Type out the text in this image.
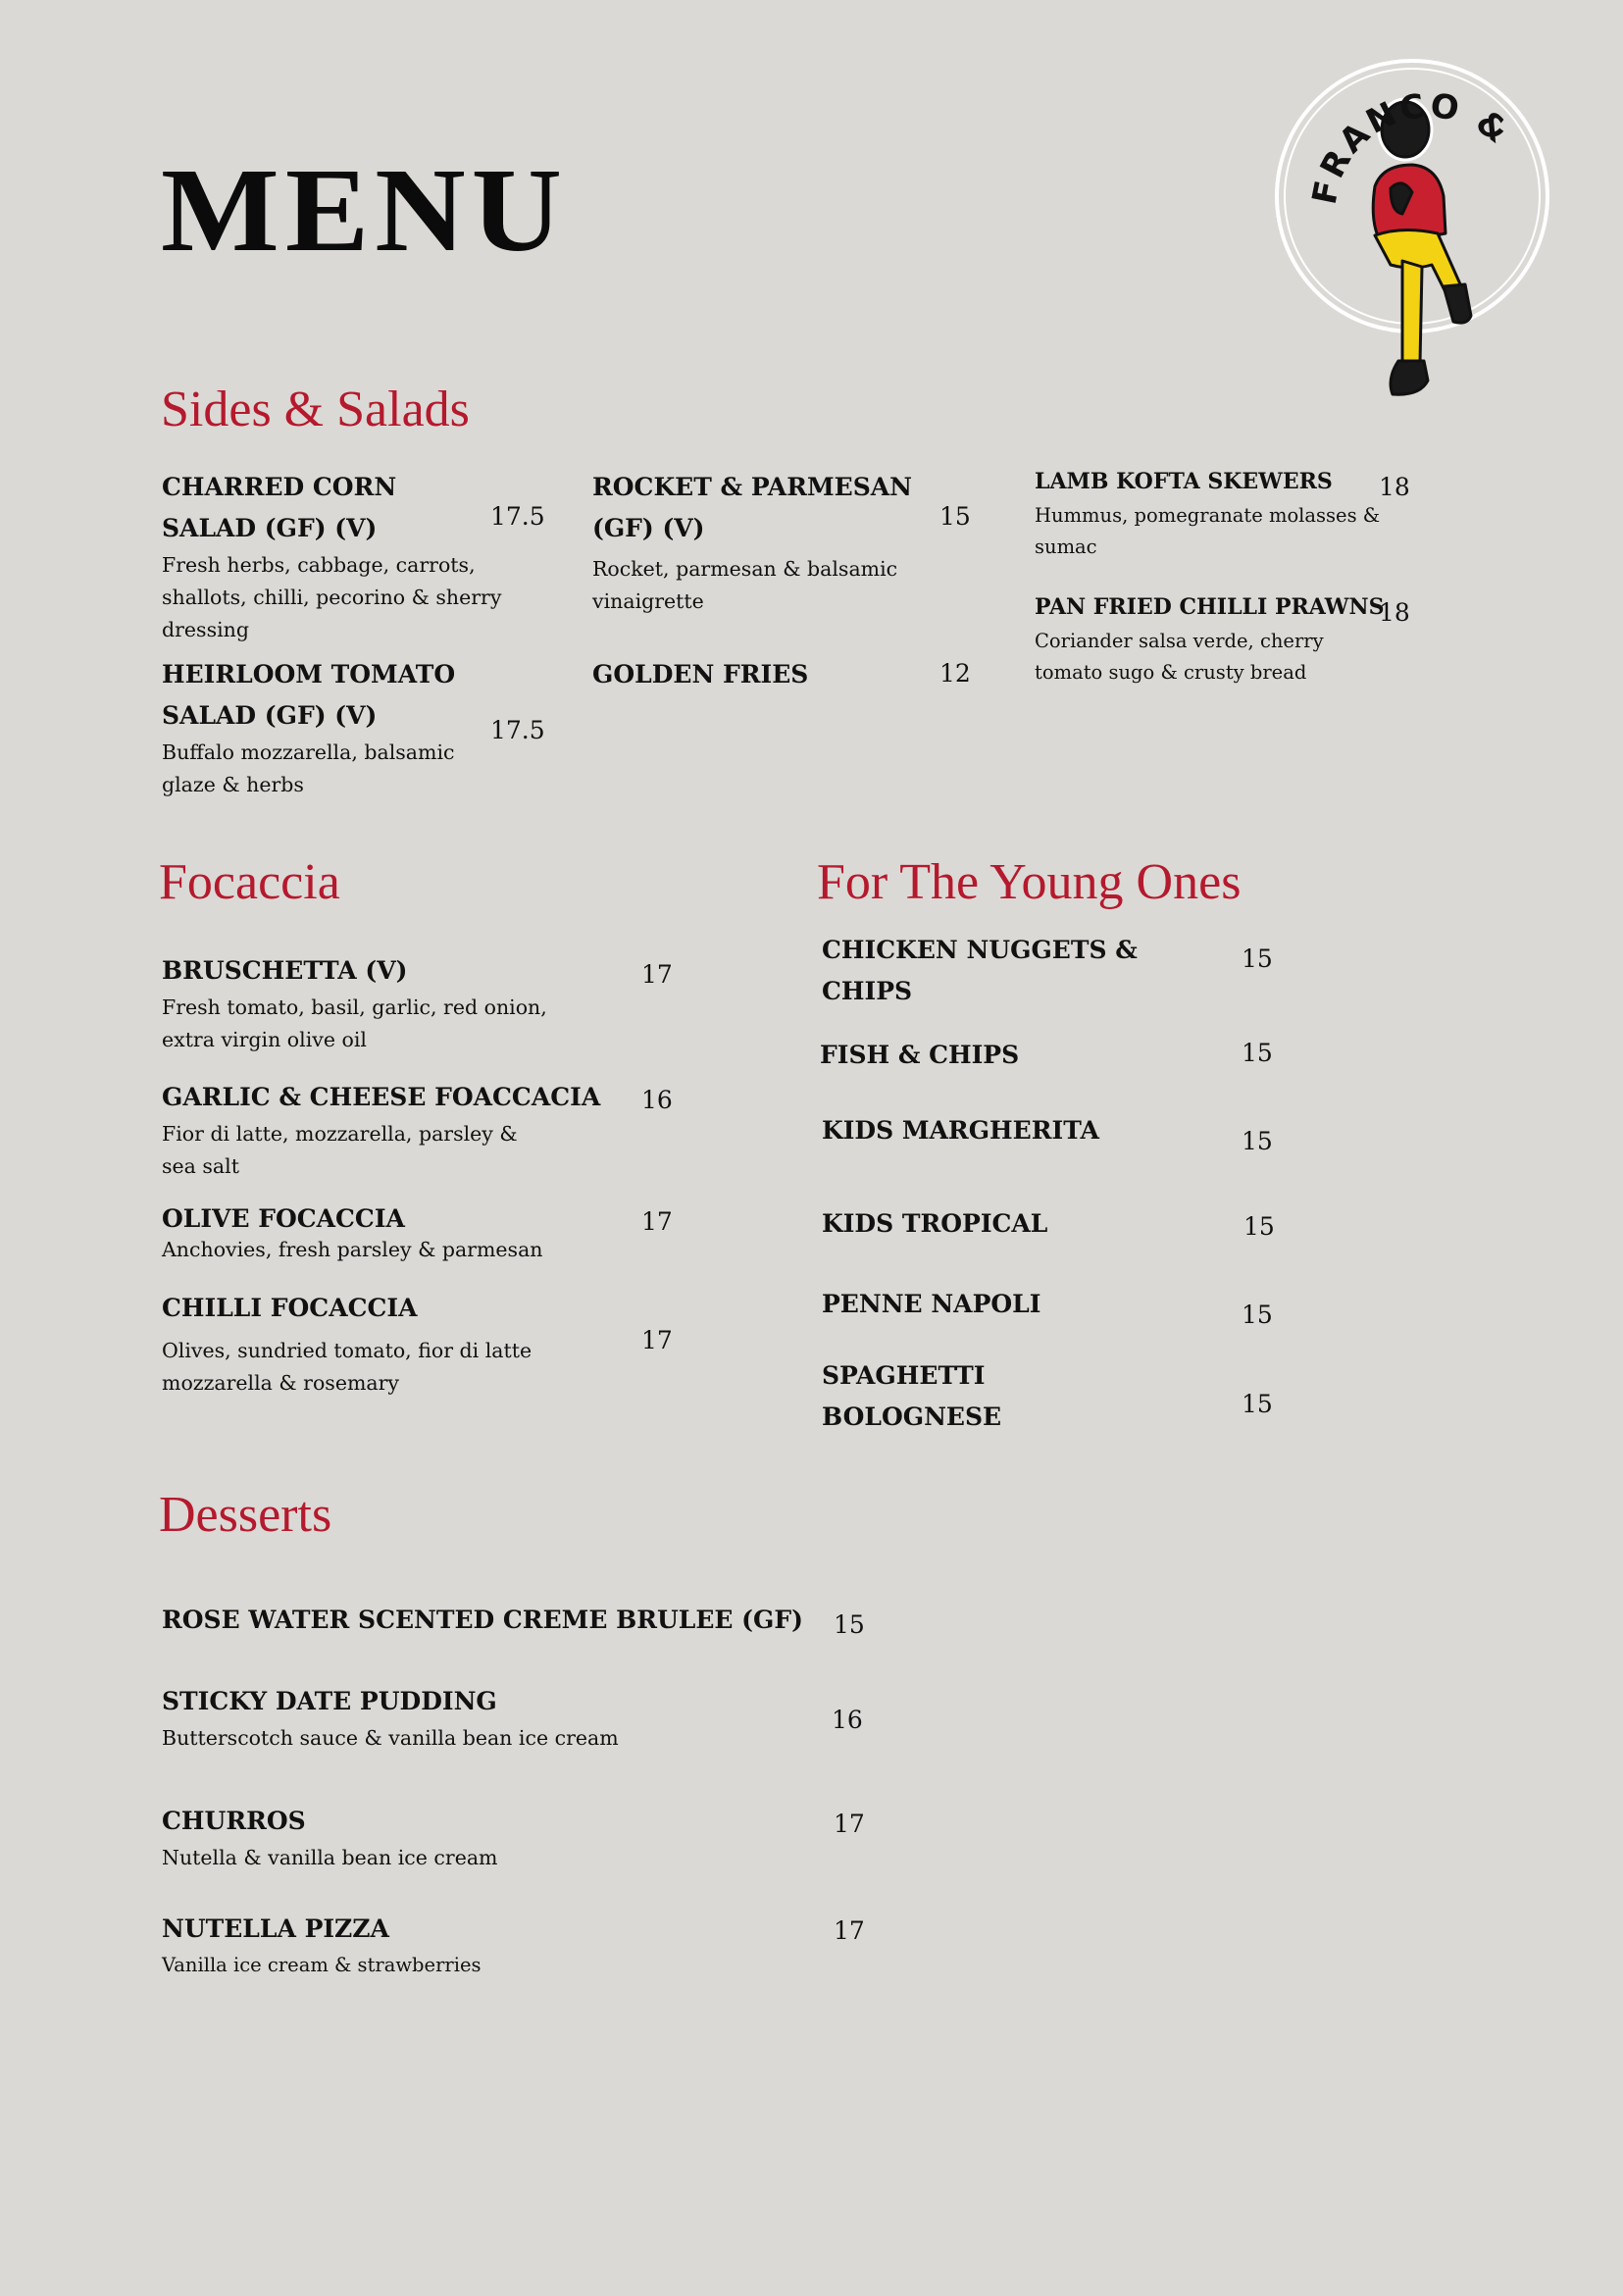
MENU	FRANCO &
Sides & Salads
CHARRED CORN SALAD (GF) (V)
Fresh herbs, cabbage, carrots, shallots, chilli, pecorino & sherry dressing
17.5
HEIRLOOM TOMATO SALAD (GF) (V)
Buffalo mozzarella, balsamic glaze & herbs
17.5
ROCKET & PARMESAN (GF) (V)
Rocket, parmesan & balsamic vinaigrette
15
GOLDEN FRIES	12
LAMB KOFTA SKEWERS
Hummus, pomegranate molasses & sumac
18
PAN FRIED CHILLI PRAWNS
Coriander salsa verde, cherry tomato sugo & crusty bread
18
Focaccia
BRUSCHETTA (V)
Fresh tomato, basil, garlic, red onion, extra virgin olive oil
17
GARLIC & CHEESE FOACCACIA
Fior di latte, mozzarella, parsley & sea salt
16
OLIVE FOCACCIA
Anchovies, fresh parsley & parmesan
17
CHILLI FOCACCIA
Olives, sundried tomato, fior di latte mozzarella & rosemary
17
For The Young Ones
CHICKEN NUGGETS & CHIPS
15
FISH & CHIPS	15
KIDS MARGHERITA	15
KIDS TROPICAL	15
PENNE NAPOLI	15
SPAGHETTI BOLOGNESE	15
Desserts
ROSE WATER SCENTED CREME BRULEE (GF) 15
STICKY DATE PUDDING
Butterscotch sauce & vanilla bean ice cream
16
CHURROS
Nutella & vanilla bean ice cream
17
NUTELLA PIZZA
Vanilla ice cream & strawberries
17
